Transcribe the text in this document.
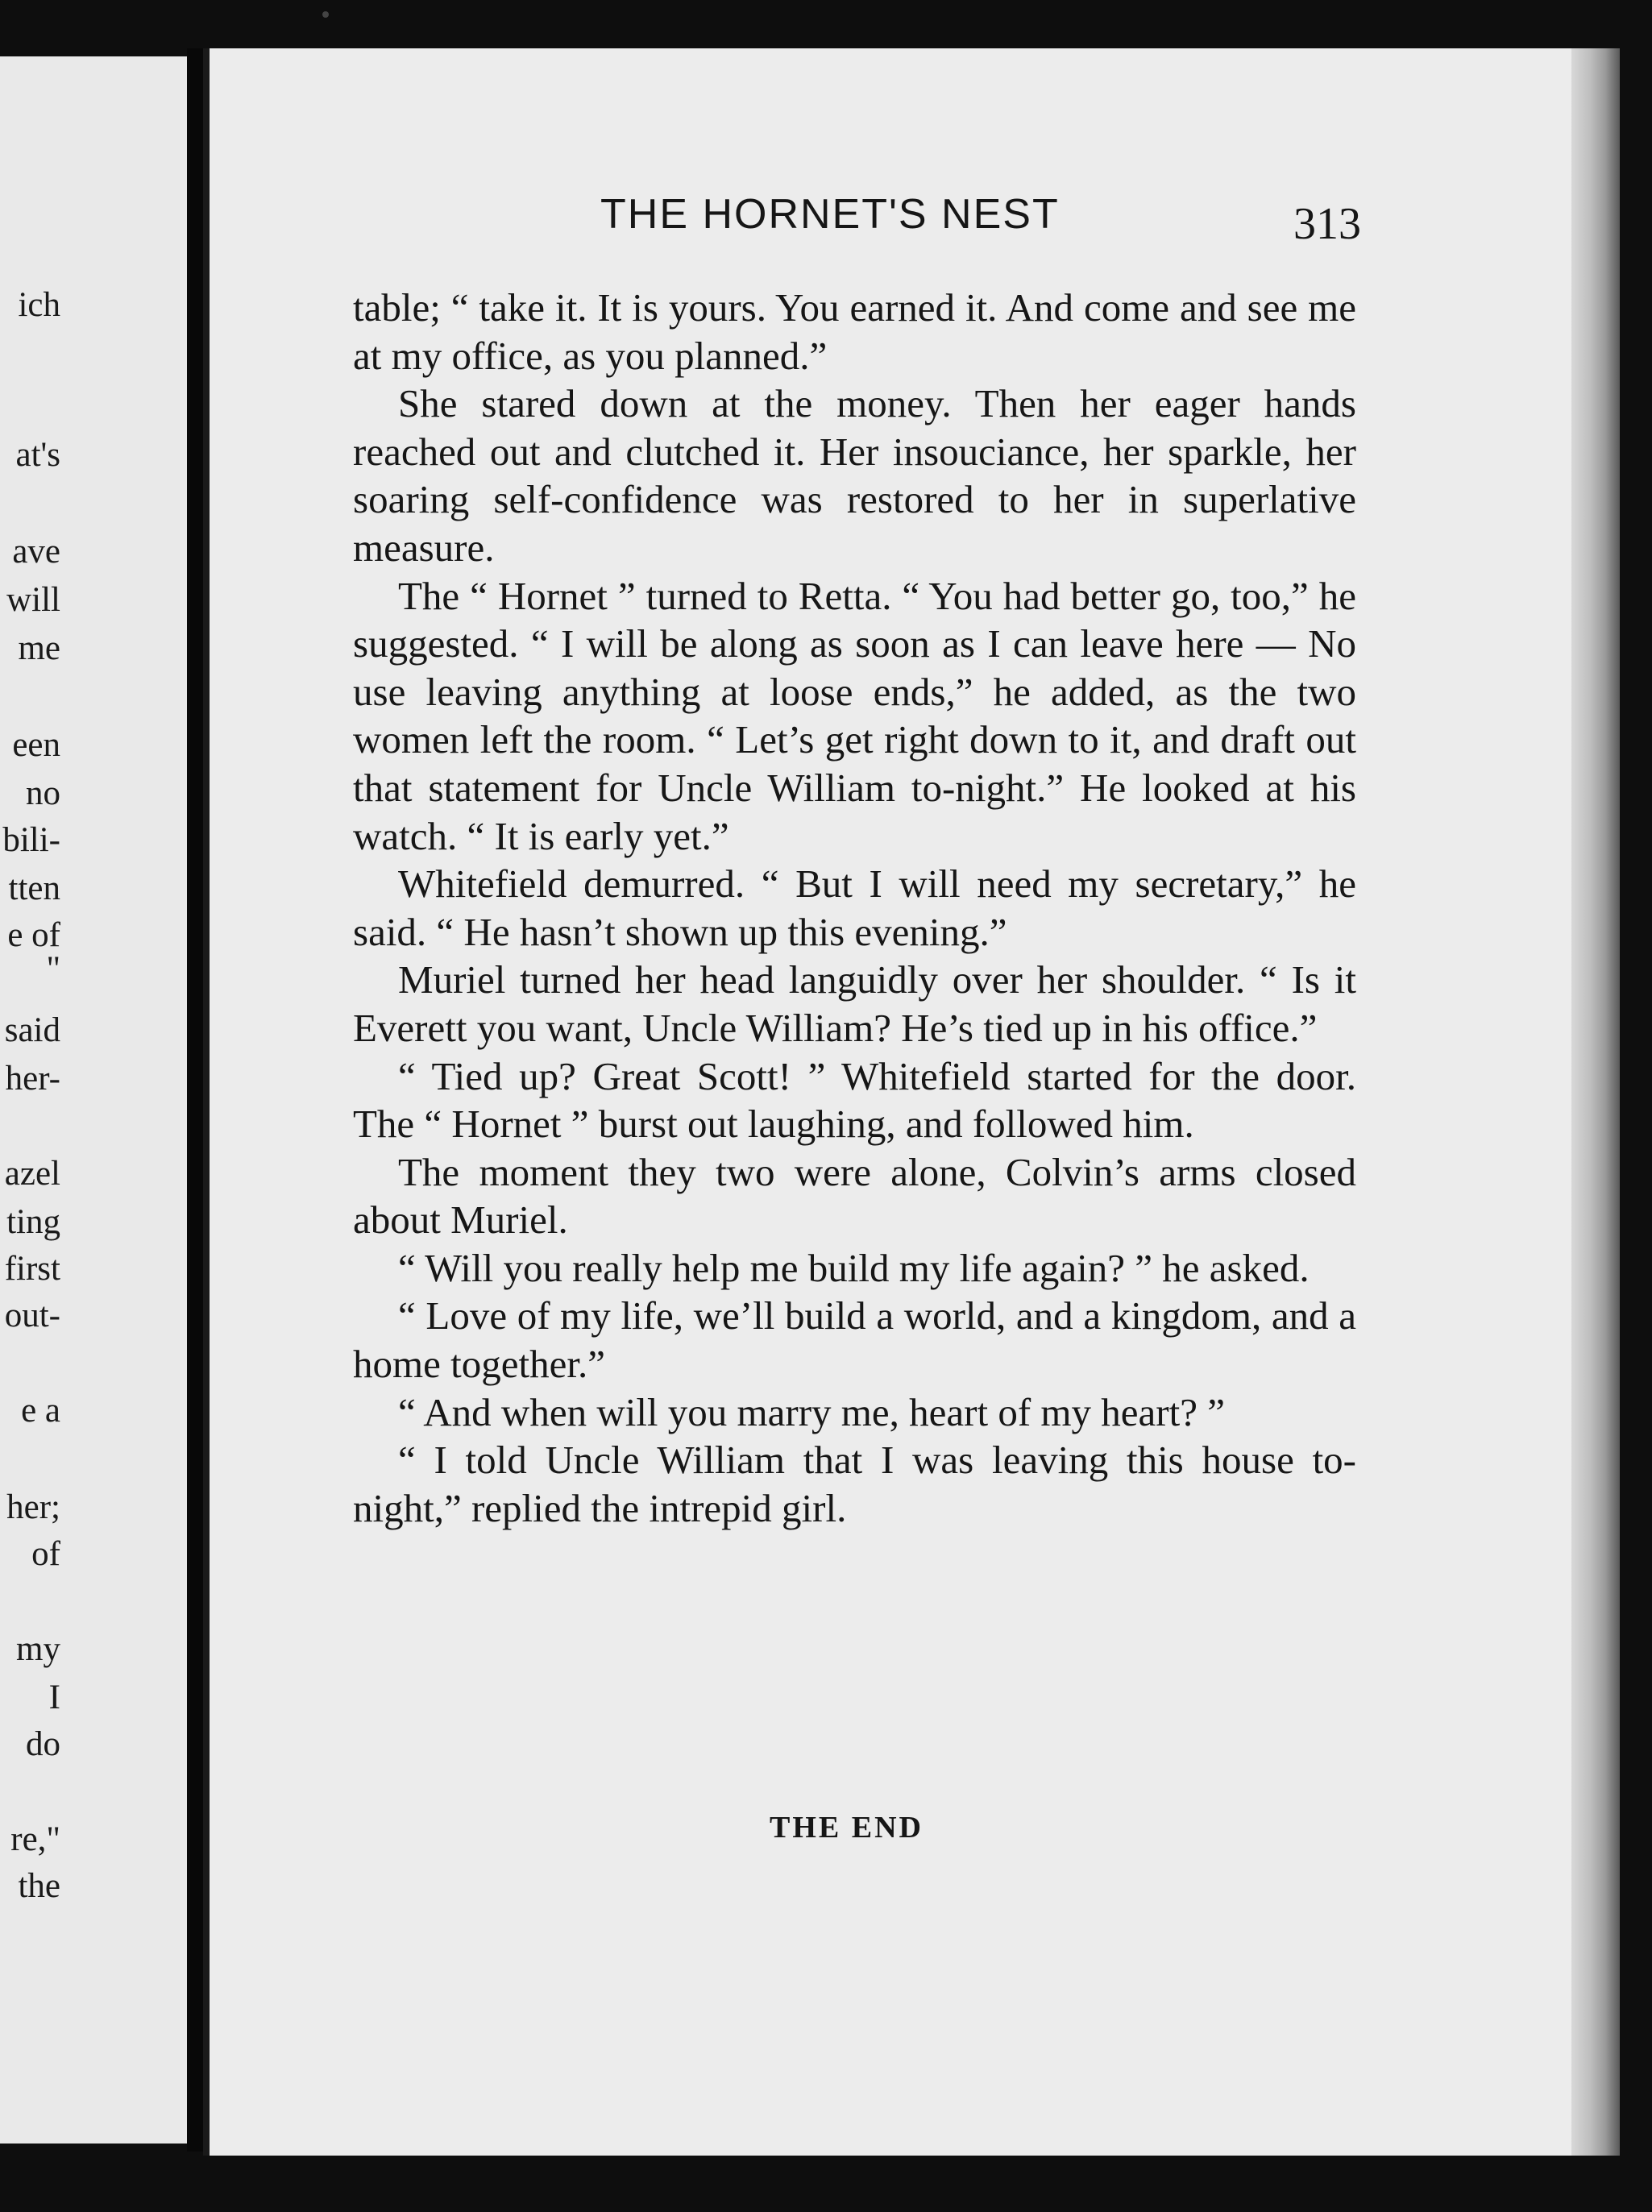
ich
at's
ave
will
me
een
no
bili-
tten
e of
"
said
her-
azel
ting
first
out-
e a
her;
of
my
I
do
re,"
the
THE HORNET'S NEST	313

table; “ take it. It is yours. You earned it. And come and see me at my office, as you planned.”

She stared down at the money. Then her eager hands reached out and clutched it. Her insouciance, her sparkle, her soaring self-confidence was restored to her in superlative measure.

The “ Hornet ” turned to Retta. “ You had better go, too,” he suggested. “ I will be along as soon as I can leave here — No use leaving anything at loose ends,” he added, as the two women left the room. “ Let’s get right down to it, and draft out that statement for Uncle William to-night.” He looked at his watch. “ It is early yet.”

Whitefield demurred. “ But I will need my secretary,” he said. “ He hasn’t shown up this evening.”

Muriel turned her head languidly over her shoulder. “ Is it Everett you want, Uncle William? He’s tied up in his office.”

“ Tied up? Great Scott! ” Whitefield started for the door. The “ Hornet ” burst out laughing, and followed him.

The moment they two were alone, Colvin’s arms closed about Muriel.

“ Will you really help me build my life again? ” he asked.

“ Love of my life, we’ll build a world, and a kingdom, and a home together.”

“ And when will you marry me, heart of my heart? ”

“ I told Uncle William that I was leaving this house to-night,” replied the intrepid girl.

THE END
